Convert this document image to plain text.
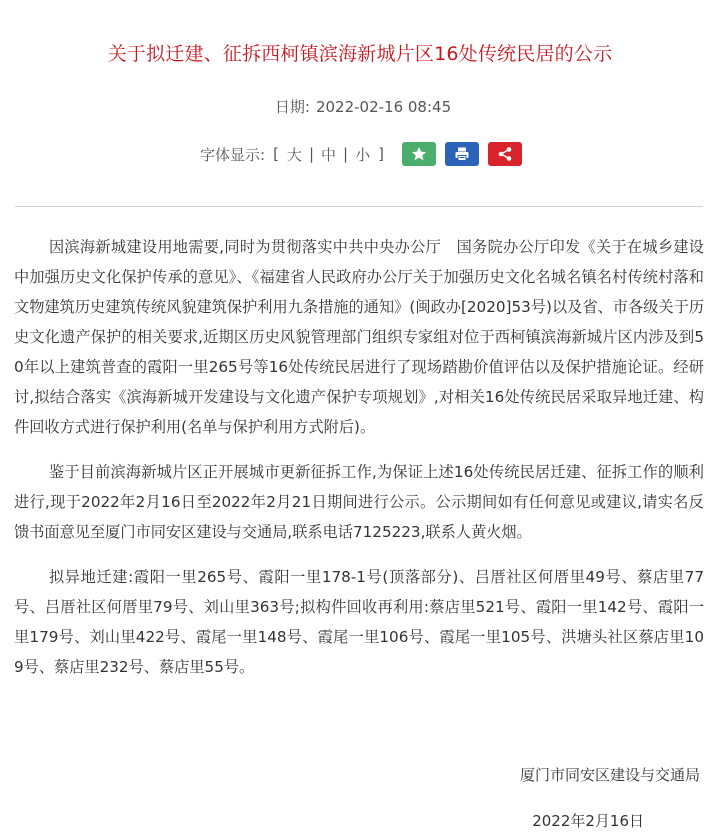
关于拟迁建、征拆西柯镇滨海新城片区16处传统民居的公示
日期: 2022-02-16 08:45
字体显示: [ 大 | 中 | 小 ]

因滨海新城建设用地需要,同时为贯彻落实中共中央办公厅　国务院办公厅印发《关于在城乡建设中加强历史文化保护传承的意见》、《福建省人民政府办公厅关于加强历史文化名城名镇名村传统村落和文物建筑历史建筑传统风貌建筑保护利用九条措施的通知》(闽政办[2020]53号)以及省、市各级关于历史文化遗产保护的相关要求,近期区历史风貌管理部门组织专家组对位于西柯镇滨海新城片区内涉及到50年以上建筑普查的霞阳一里265号等16处传统民居进行了现场踏勘价值评估以及保护措施论证。经研讨,拟结合落实《滨海新城开发建设与文化遗产保护专项规划》,对相关16处传统民居采取异地迁建、构件回收方式进行保护利用(名单与保护利用方式附后)。

鉴于目前滨海新城片区正开展城市更新征拆工作,为保证上述16处传统民居迁建、征拆工作的顺利进行,现于2022年2月16日至2022年2月21日期间进行公示。公示期间如有任何意见或建议,请实名反馈书面意见至厦门市同安区建设与交通局,联系电话7125223,联系人黄火烟。

拟异地迁建:霞阳一里265号、霞阳一里178-1号(顶落部分)、吕厝社区何厝里49号、蔡店里77号、吕厝社区何厝里79号、刘山里363号;拟构件回收再利用:蔡店里521号、霞阳一里142号、霞阳一里179号、刘山里422号、霞尾一里148号、霞尾一里106号、霞尾一里105号、洪塘头社区蔡店里109号、蔡店里232号、蔡店里55号。

厦门市同安区建设与交通局
2022年2月16日
